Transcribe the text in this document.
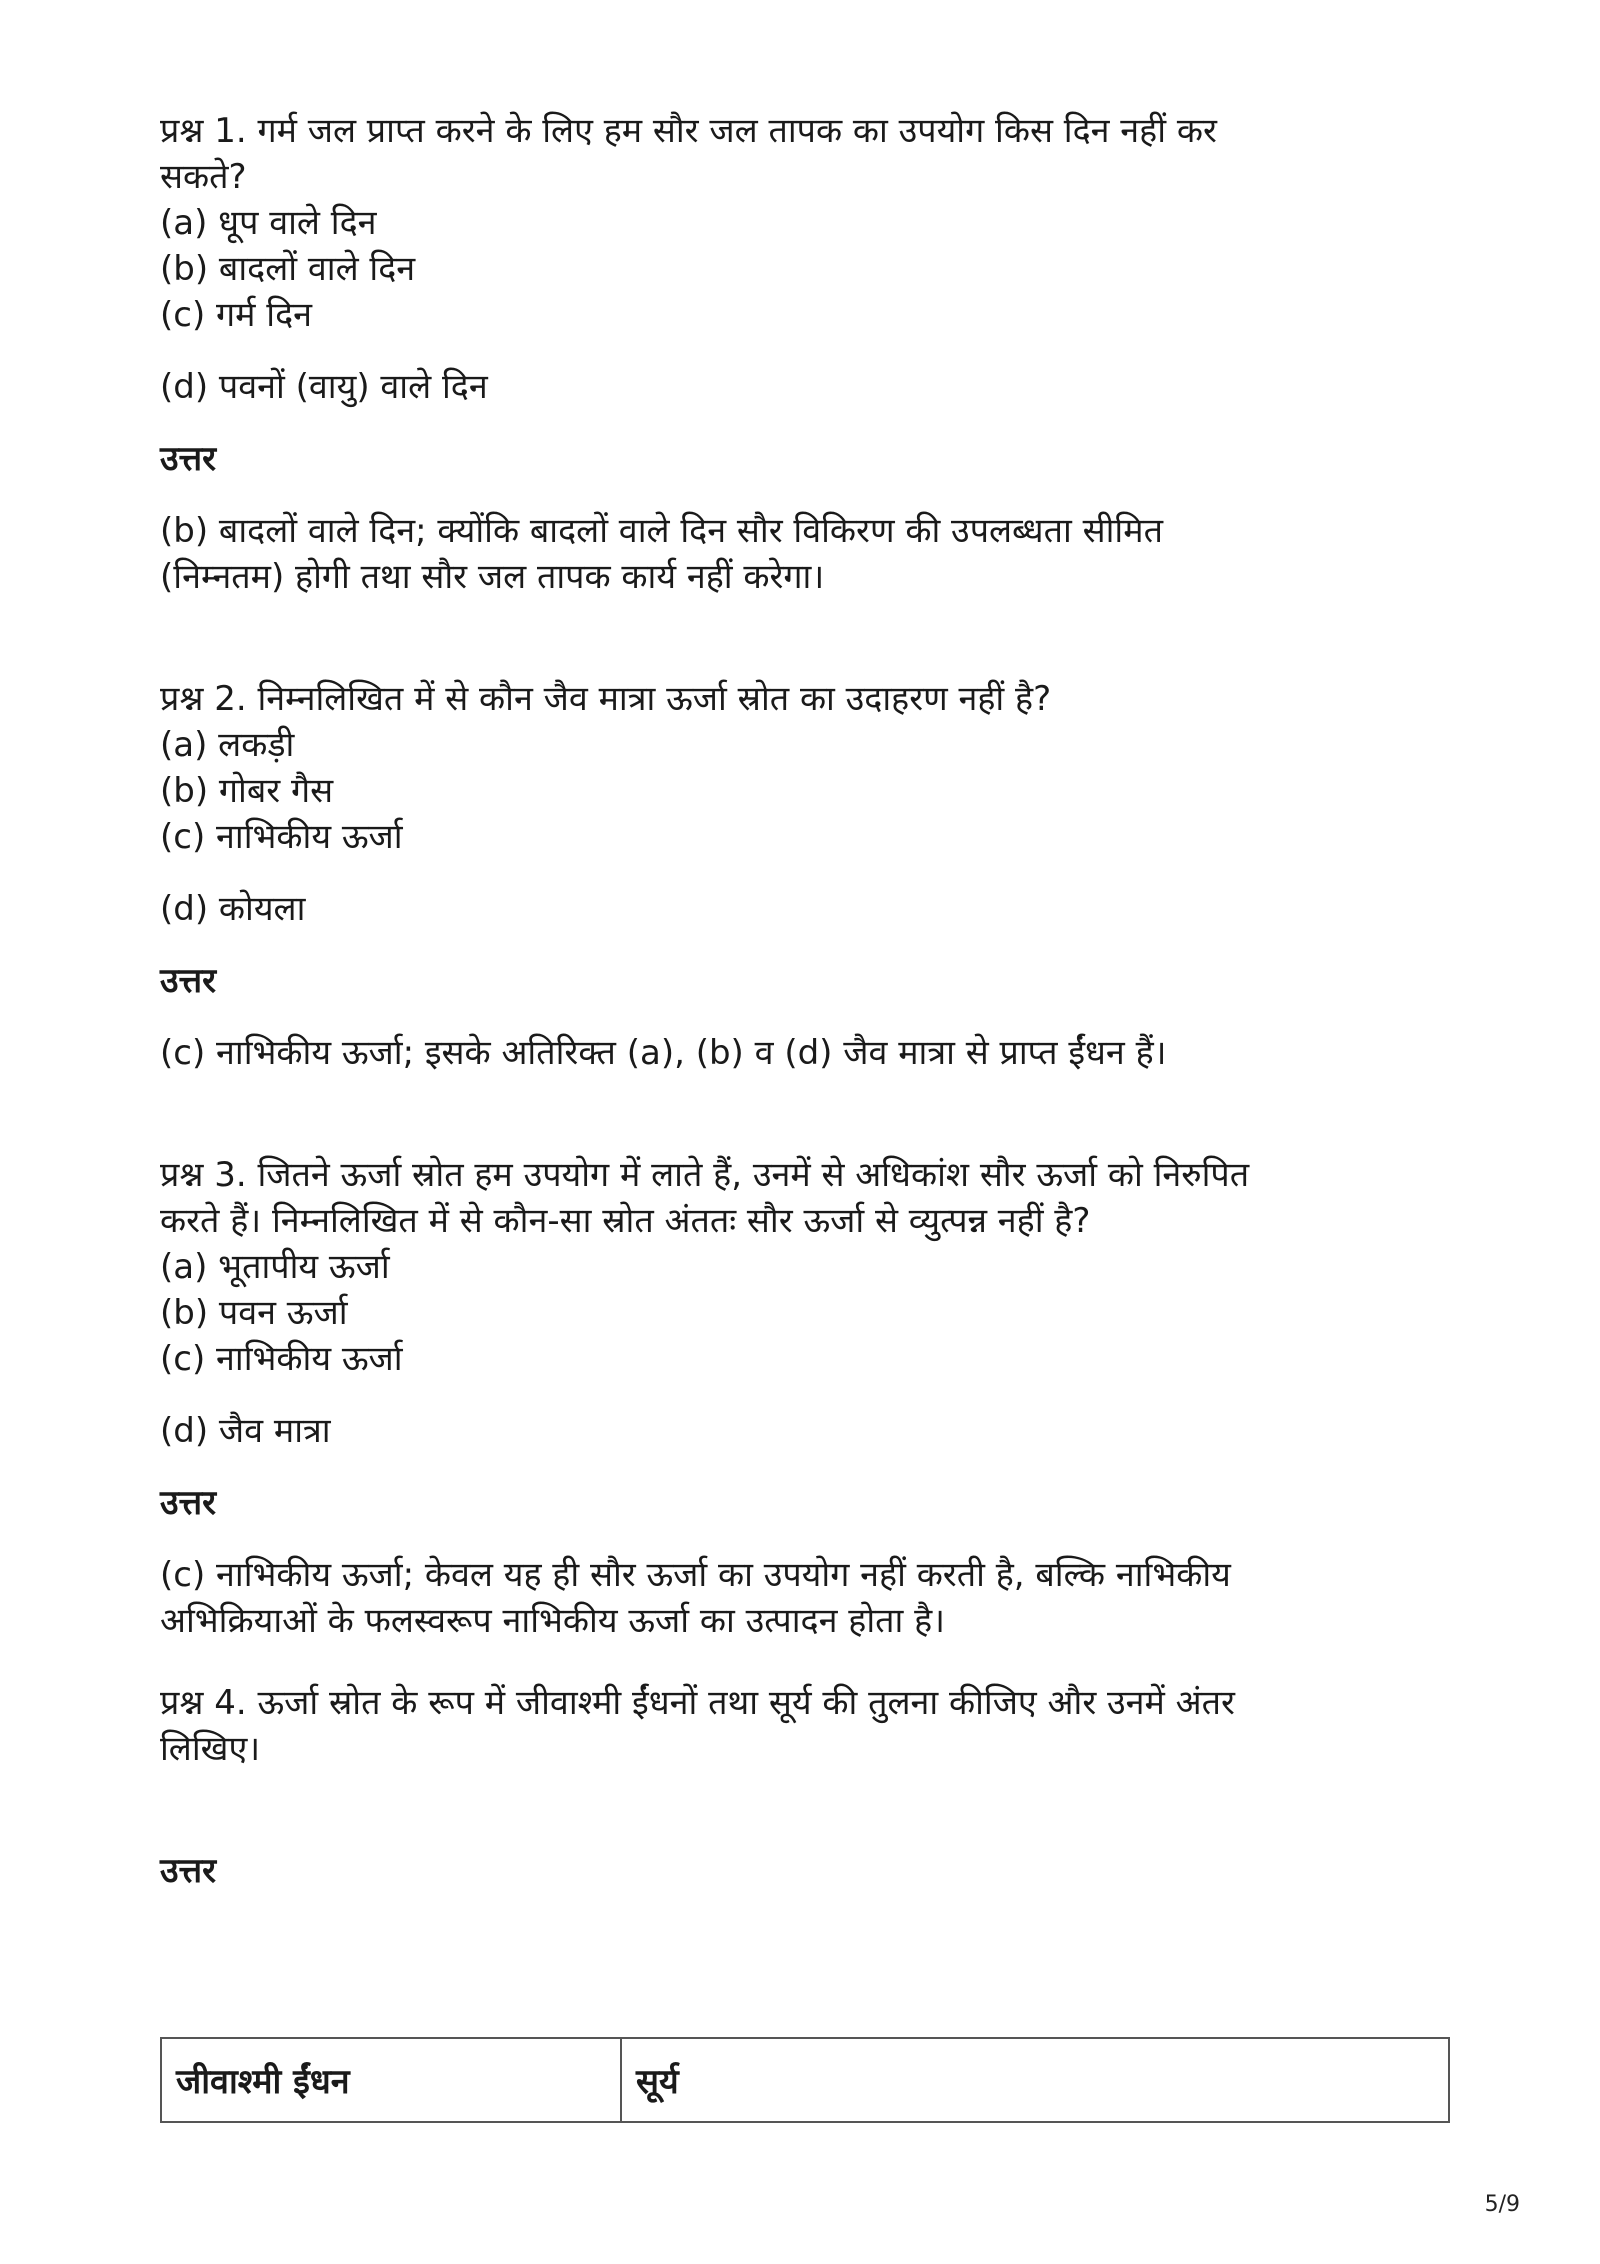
प्रश्न 1. गर्म जल प्राप्त करने के लिए हम सौर जल तापक का उपयोग किस दिन नहीं कर

सकते?

(a) धूप वाले दिन

(b) बादलों वाले दिन

(c) गर्म दिन

(d) पवनों (वायु) वाले दिन

उत्तर

(b) बादलों वाले दिन; क्योंकि बादलों वाले दिन सौर विकिरण की उपलब्धता सीमित

(निम्नतम) होगी तथा सौर जल तापक कार्य नहीं करेगा।

प्रश्न 2. निम्नलिखित में से कौन जैव मात्रा ऊर्जा स्रोत का उदाहरण नहीं है?

(a) लकड़ी

(b) गोबर गैस

(c) नाभिकीय ऊर्जा

(d) कोयला

उत्तर

(c) नाभिकीय ऊर्जा; इसके अतिरिक्त (a), (b) व (d) जैव मात्रा से प्राप्त ईंधन हैं।

प्रश्न 3. जितने ऊर्जा स्रोत हम उपयोग में लाते हैं, उनमें से अधिकांश सौर ऊर्जा को निरुपित

करते हैं। निम्नलिखित में से कौन-सा स्रोत अंततः सौर ऊर्जा से व्युत्पन्न नहीं है?

(a) भूतापीय ऊर्जा

(b) पवन ऊर्जा

(c) नाभिकीय ऊर्जा

(d) जैव मात्रा

उत्तर

(c) नाभिकीय ऊर्जा; केवल यह ही सौर ऊर्जा का उपयोग नहीं करती है, बल्कि नाभिकीय

अभिक्रियाओं के फलस्वरूप नाभिकीय ऊर्जा का उत्पादन होता है।

प्रश्न 4. ऊर्जा स्रोत के रूप में जीवाश्मी ईंधनों तथा सूर्य की तुलना कीजिए और उनमें अंतर

लिखिए।

उत्तर

जीवाश्मी ईंधन	सूर्य
5/9
